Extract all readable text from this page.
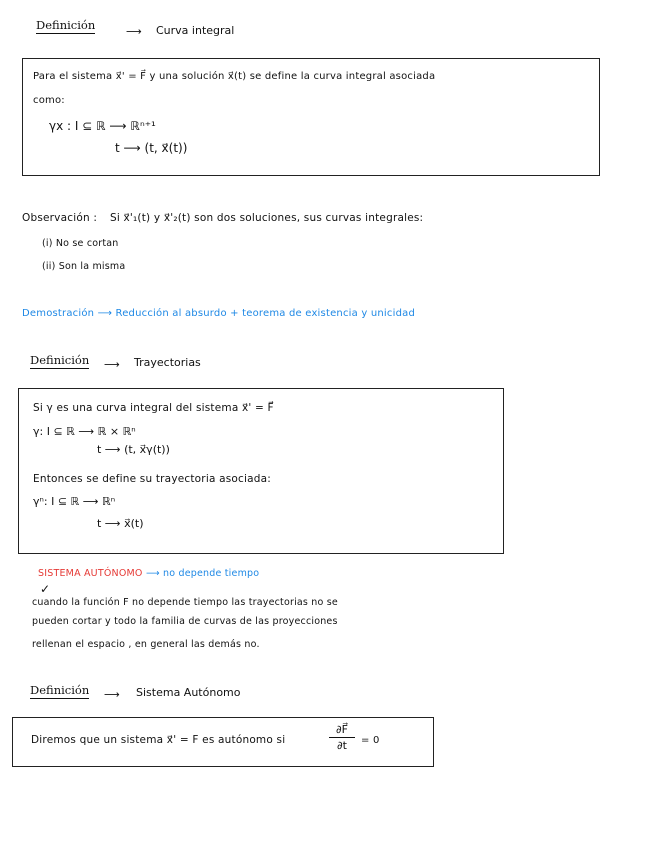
Definición	⟶ Curva integral
Para el sistema x⃗' = F⃗ y una solución x⃗(t) se define la curva integral asociada
como:
γx : I ⊆ ℝ ⟶ ℝⁿ⁺¹
t ⟶ (t, x⃗(t))
Observación : Si x⃗'₁(t) y x⃗'₂(t) son dos soluciones, sus curvas integrales:
(i) No se cortan
(ii) Son la misma
Demostración ⟶ Reducción al absurdo + teorema de existencia y unicidad
Definición ⟶ Trayectorias
Si γ es una curva integral del sistema x⃗' = F⃗
γ: I ⊆ ℝ ⟶ ℝ × ℝⁿ
t ⟶ (t, x⃗γ(t))
Entonces se define su trayectoria asociada:
γⁿ: I ⊆ ℝ ⟶ ℝⁿ
t ⟶ x⃗(t)
SISTEMA AUTÓNOMO ⟶ no depende tiempo
✓
cuando la función F no depende tiempo las trayectorias no se
pueden cortar y todo la familia de curvas de las proyecciones
rellenan el espacio , en general las demás no.
Definición ⟶ Sistema Autónomo
Diremos que un sistema x⃗' = F es autónomo si
∂F⃗
∂t	= 0
